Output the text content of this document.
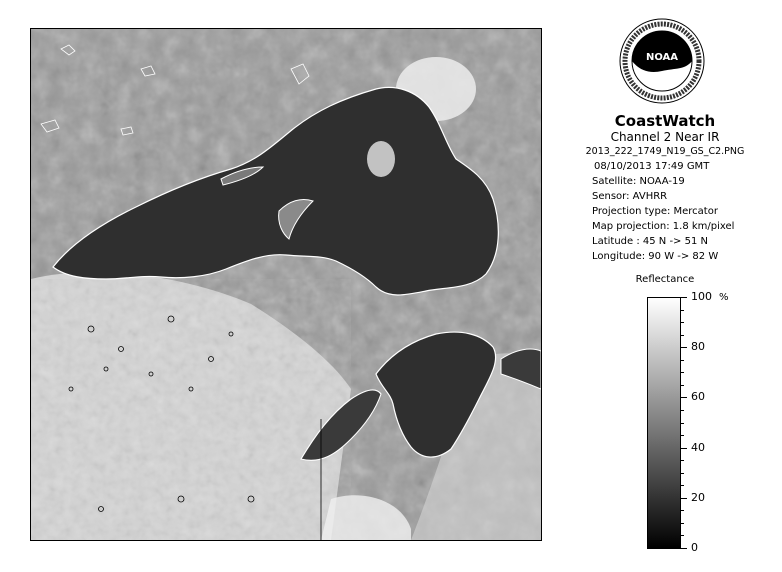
NOAA
CoastWatch
Channel 2 Near IR
2013_222_1749_N19_GS_C2.PNG
08/10/2013 17:49 GMT
Satellite: NOAA-19
Sensor: AVHRR
Projection type: Mercator
Map projection: 1.8 km/pixel
Latitude : 45 N -> 51 N
Longitude: 90 W -> 82 W
Reflectance
%
100
80
60
40
20
0
